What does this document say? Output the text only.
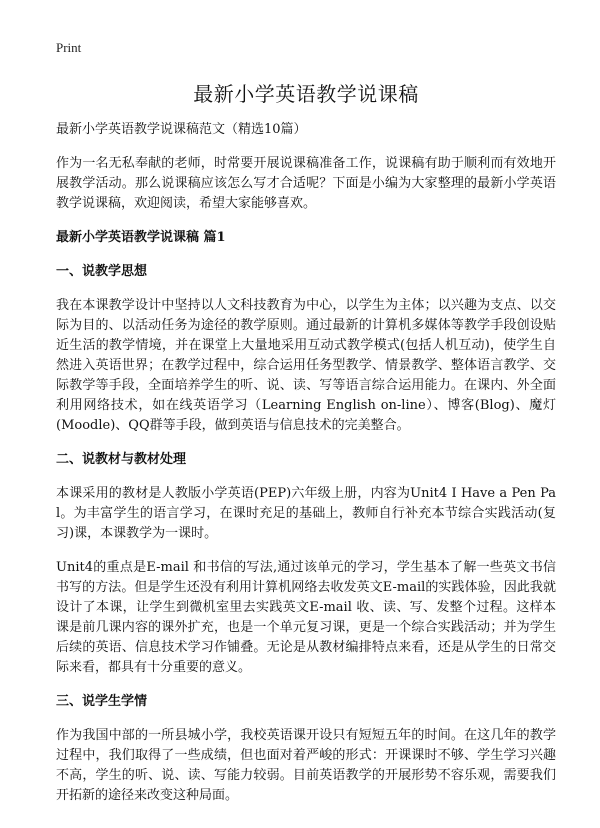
Print
最新小学英语教学说课稿

最新小学英语教学说课稿范文（精选10篇）

作为一名无私奉献的老师，时常要开展说课稿准备工作，说课稿有助于顺利而有效地开展教学活动。那么说课稿应该怎么写才合适呢？下面是小编为大家整理的最新小学英语教学说课稿，欢迎阅读，希望大家能够喜欢。

最新小学英语教学说课稿 篇1

一、说教学思想

我在本课教学设计中坚持以人文科技教育为中心，以学生为主体；以兴趣为支点、以交际为目的、以活动任务为途径的教学原则。通过最新的计算机多媒体等教学手段创设贴近生活的教学情境，并在课堂上大量地采用互动式教学模式(包括人机互动)，使学生自然进入英语世界；在教学过程中，综合运用任务型教学、情景教学、整体语言教学、交际教学等手段，全面培养学生的听、说、读、写等语言综合运用能力。在课内、外全面利用网络技术，如在线英语学习（Learning English on-line）、博客(Blog)、魔灯(Moodle)、QQ群等手段，做到英语与信息技术的完美整合。

二、说教材与教材处理

本课采用的教材是人教版小学英语(PEP)六年级上册，内容为Unit4 I Have a Pen Pal。为丰富学生的语言学习，在课时充足的基础上，教师自行补充本节综合实践活动(复习)课，本课教学为一课时。

Unit4的重点是E-mail 和书信的写法,通过该单元的学习，学生基本了解一些英文书信书写的方法。但是学生还没有利用计算机网络去收发英文E-mail的实践体验，因此我就设计了本课，让学生到微机室里去实践英文E-mail 收、读、写、发整个过程。这样本课是前几课内容的课外扩充，也是一个单元复习课，更是一个综合实践活动；并为学生后续的英语、信息技术学习作铺叠。无论是从教材编排特点来看，还是从学生的日常交际来看，都具有十分重要的意义。

三、说学生学情

作为我国中部的一所县城小学，我校英语课开设只有短短五年的时间。在这几年的教学过程中，我们取得了一些成绩，但也面对着严峻的形式：开课课时不够、学生学习兴趣不高，学生的听、说、读、写能力较弱。目前英语教学的开展形势不容乐观，需要我们开拓新的途径来改变这种局面。
